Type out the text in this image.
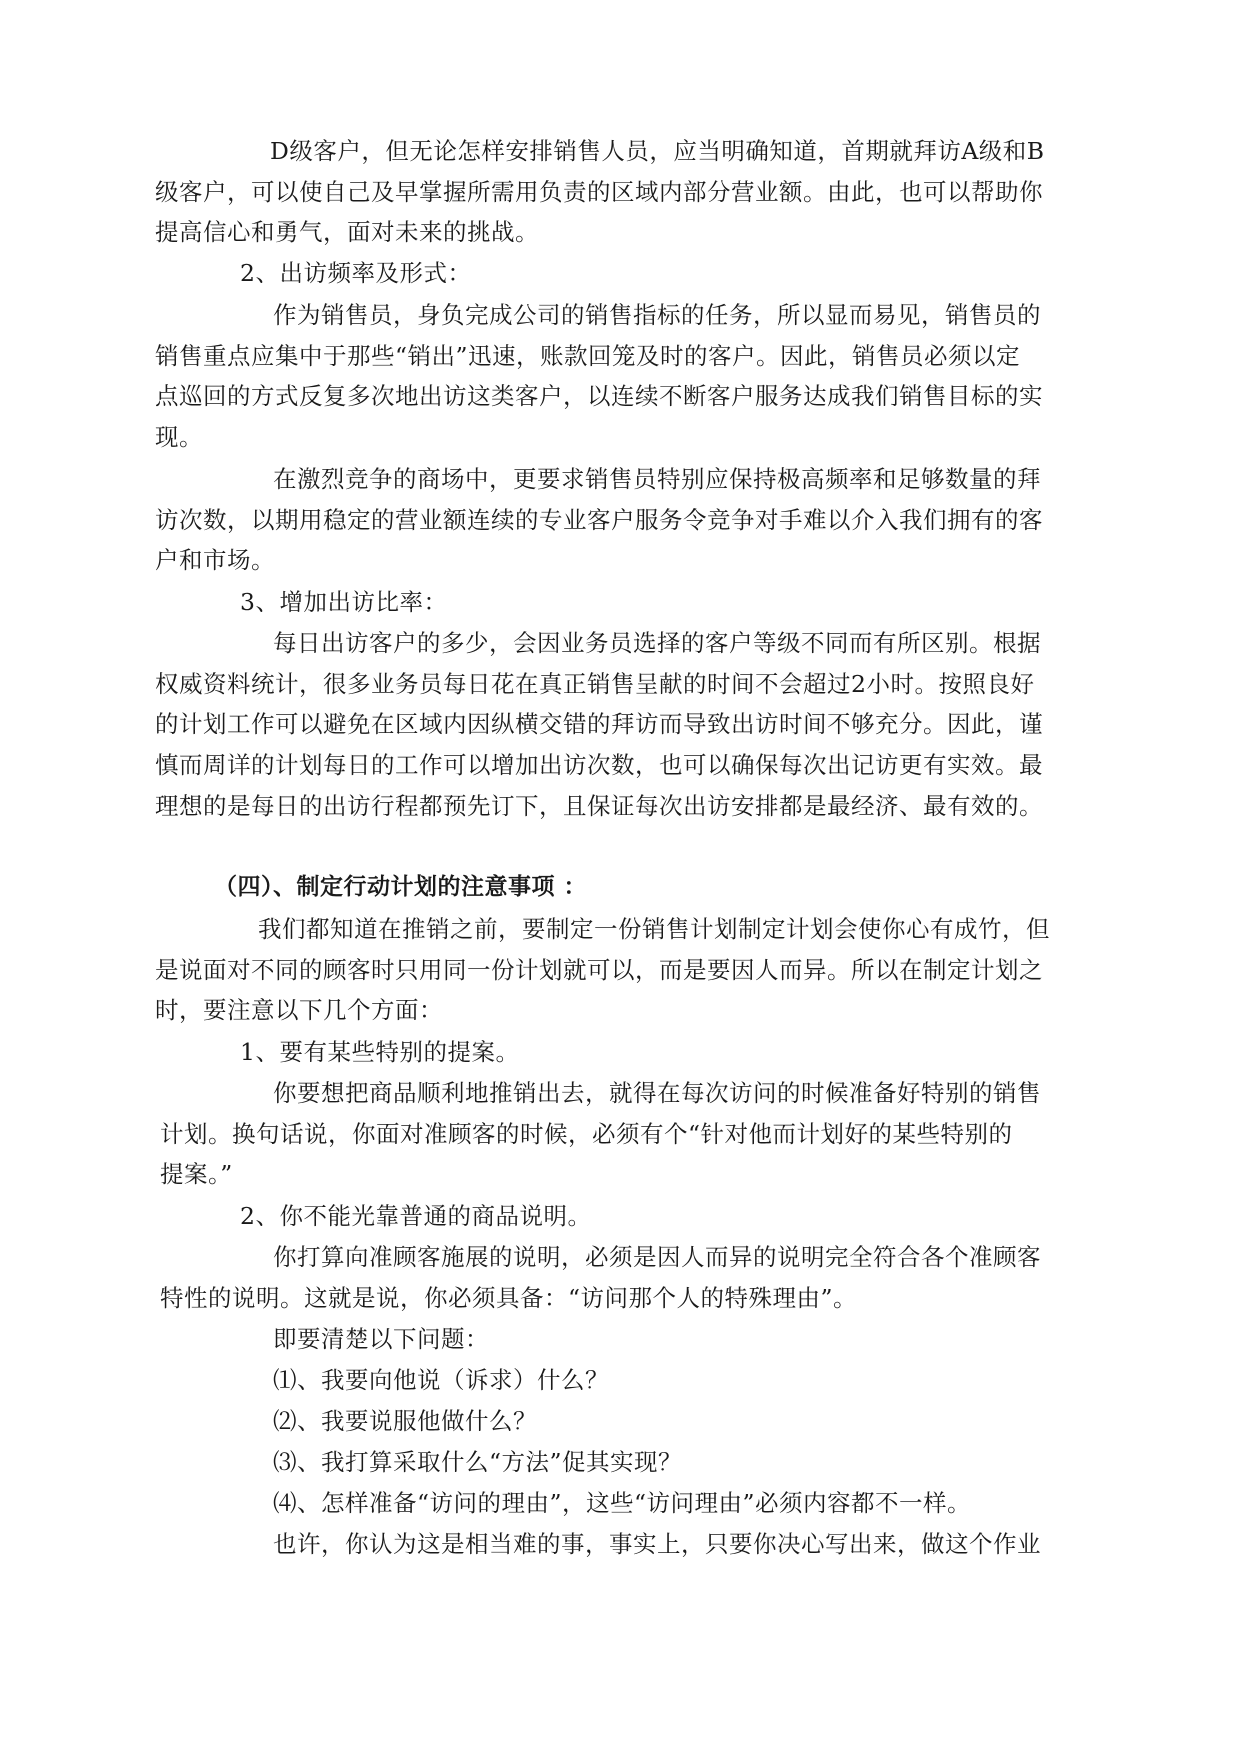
D级客户，但无论怎样安排销售人员，应当明确知道，首期就拜访A级和B
级客户，可以使自己及早掌握所需用负责的区域内部分营业额。由此，也可以帮助你
提高信心和勇气，面对未来的挑战。
2、出访频率及形式：
作为销售员，身负完成公司的销售指标的任务，所以显而易见，销售员的
销售重点应集中于那些“销出”迅速，账款回笼及时的客户。因此，销售员必须以定
点巡回的方式反复多次地出访这类客户，以连续不断客户服务达成我们销售目标的实
现。
在激烈竞争的商场中，更要求销售员特别应保持极高频率和足够数量的拜
访次数，以期用稳定的营业额连续的专业客户服务令竞争对手难以介入我们拥有的客
户和市场。
3、增加出访比率：
每日出访客户的多少，会因业务员选择的客户等级不同而有所区别。根据
权威资料统计，很多业务员每日花在真正销售呈献的时间不会超过2小时。按照良好
的计划工作可以避免在区域内因纵横交错的拜访而导致出访时间不够充分。因此，谨
慎而周详的计划每日的工作可以增加出访次数，也可以确保每次出记访更有实效。最
理想的是每日的出访行程都预先订下，且保证每次出访安排都是最经济、最有效的。
（四）、制定行动计划的注意事项 ：
我们都知道在推销之前，要制定一份销售计划制定计划会使你心有成竹，但
是说面对不同的顾客时只用同一份计划就可以，而是要因人而异。所以在制定计划之
时，要注意以下几个方面：
1、要有某些特别的提案。
你要想把商品顺利地推销出去，就得在每次访问的时候准备好特别的销售
计划。换句话说，你面对准顾客的时候，必须有个“针对他而计划好的某些特别的
提案。”
2、你不能光靠普通的商品说明。
你打算向准顾客施展的说明，必须是因人而异的说明完全符合各个准顾客
特性的说明。这就是说，你必须具备：“访问那个人的特殊理由”。
即要清楚以下问题：
⑴、我要向他说（诉求）什么？
⑵、我要说服他做什么？
⑶、我打算采取什么“方法”促其实现？
⑷、怎样准备“访问的理由”，这些“访问理由”必须内容都不一样。
也许，你认为这是相当难的事，事实上，只要你决心写出来，做这个作业
